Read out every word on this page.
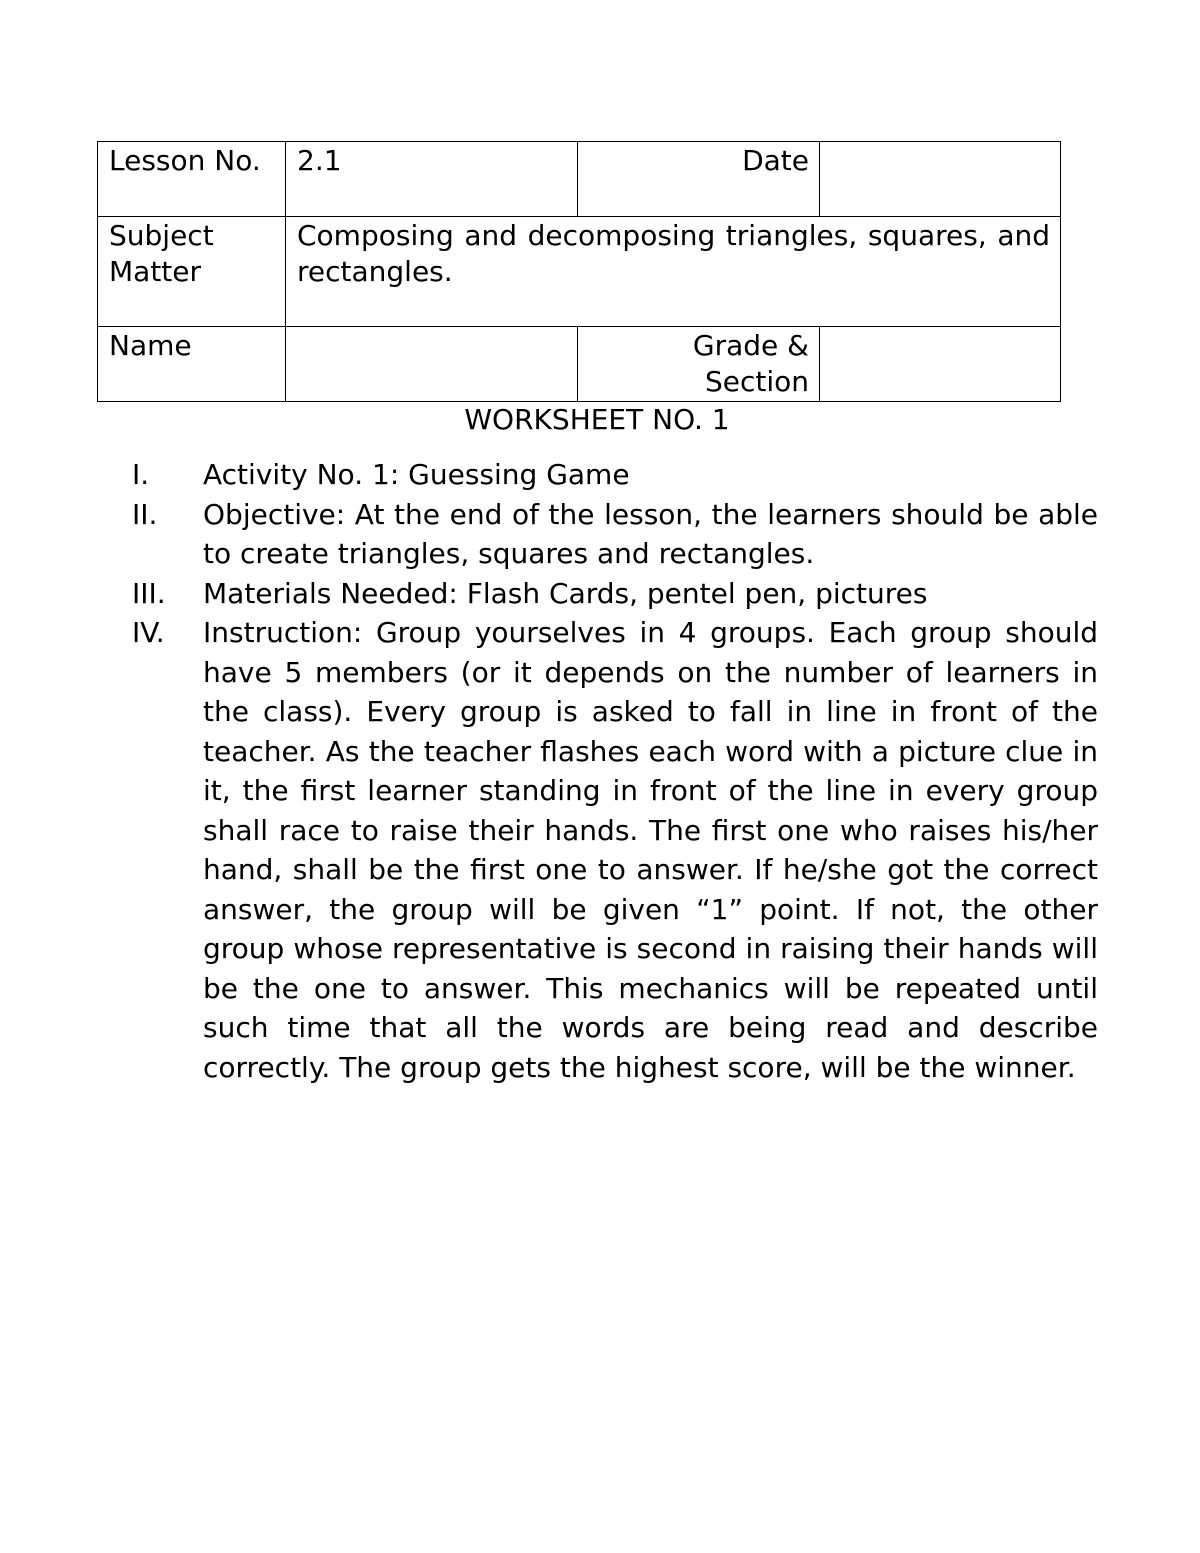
Lesson No.	2.1	Date	
Subject Matter	Composing and decomposing triangles, squares, and rectangles.		
Name		Grade & Section	
WORKSHEET NO. 1
I.	Activity No. 1: Guessing Game
II.	Objective: At the end of the lesson, the learners should be able to create triangles, squares and rectangles.
III.	Materials Needed: Flash Cards, pentel pen, pictures
IV.	Instruction: Group yourselves in 4 groups. Each group should have 5 members (or it depends on the number of learners in the class). Every group is asked to fall in line in front of the teacher. As the teacher flashes each word with a picture clue in it, the first learner standing in front of the line in every group shall race to raise their hands. The first one who raises his/her hand, shall be the first one to answer. If he/she got the correct answer, the group will be given “1” point. If not, the other group whose representative is second in raising their hands will be the one to answer. This mechanics will be repeated until such time that all the words are being read and describe correctly. The group gets the highest score, will be the winner.
